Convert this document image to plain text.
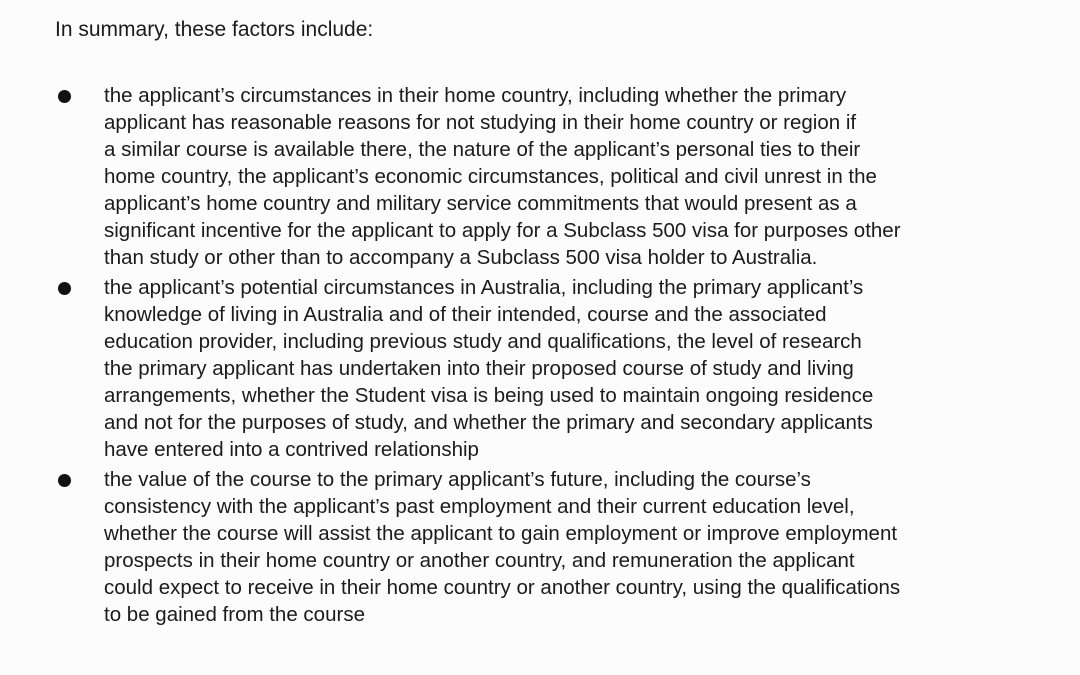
In summary, these factors include:

the applicant’s circumstances in their home country, including whether the primary
applicant has reasonable reasons for not studying in their home country or region if
a similar course is available there, the nature of the applicant’s personal ties to their
home country, the applicant’s economic circumstances, political and civil unrest in the
applicant’s home country and military service commitments that would present as a
significant incentive for the applicant to apply for a Subclass 500 visa for purposes other
than study or other than to accompany a Subclass 500 visa holder to Australia.
the applicant’s potential circumstances in Australia, including the primary applicant’s
knowledge of living in Australia and of their intended, course and the associated
education provider, including previous study and qualifications, the level of research
the primary applicant has undertaken into their proposed course of study and living
arrangements, whether the Student visa is being used to maintain ongoing residence
and not for the purposes of study, and whether the primary and secondary applicants
have entered into a contrived relationship
the value of the course to the primary applicant’s future, including the course’s
consistency with the applicant’s past employment and their current education level,
whether the course will assist the applicant to gain employment or improve employment
prospects in their home country or another country, and remuneration the applicant
could expect to receive in their home country or another country, using the qualifications
to be gained from the course
